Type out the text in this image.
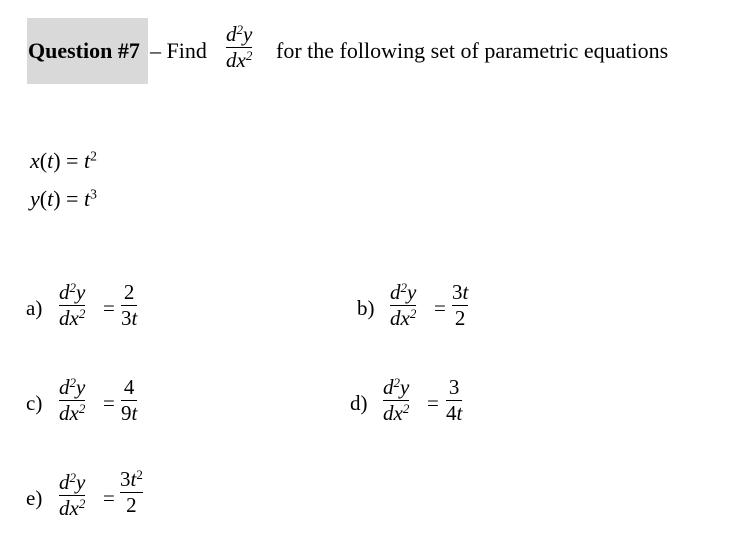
Question #7 – Find
$d^2y$
$dx^2$ for the following set of parametric equations
$x(t) = t^2$
$y(t) = t^3$
a)
$d^2y$
$dx^2$ =
2
3t	b)
$d^2y$
$dx^2$ =
3t
2
c)
$d^2y$
$dx^2$ =
4
9t	d)
$d^2y$
$dx^2$ =
3
4t
e)
$d^2y$
$dx^2$ =
$3t^2$
2
